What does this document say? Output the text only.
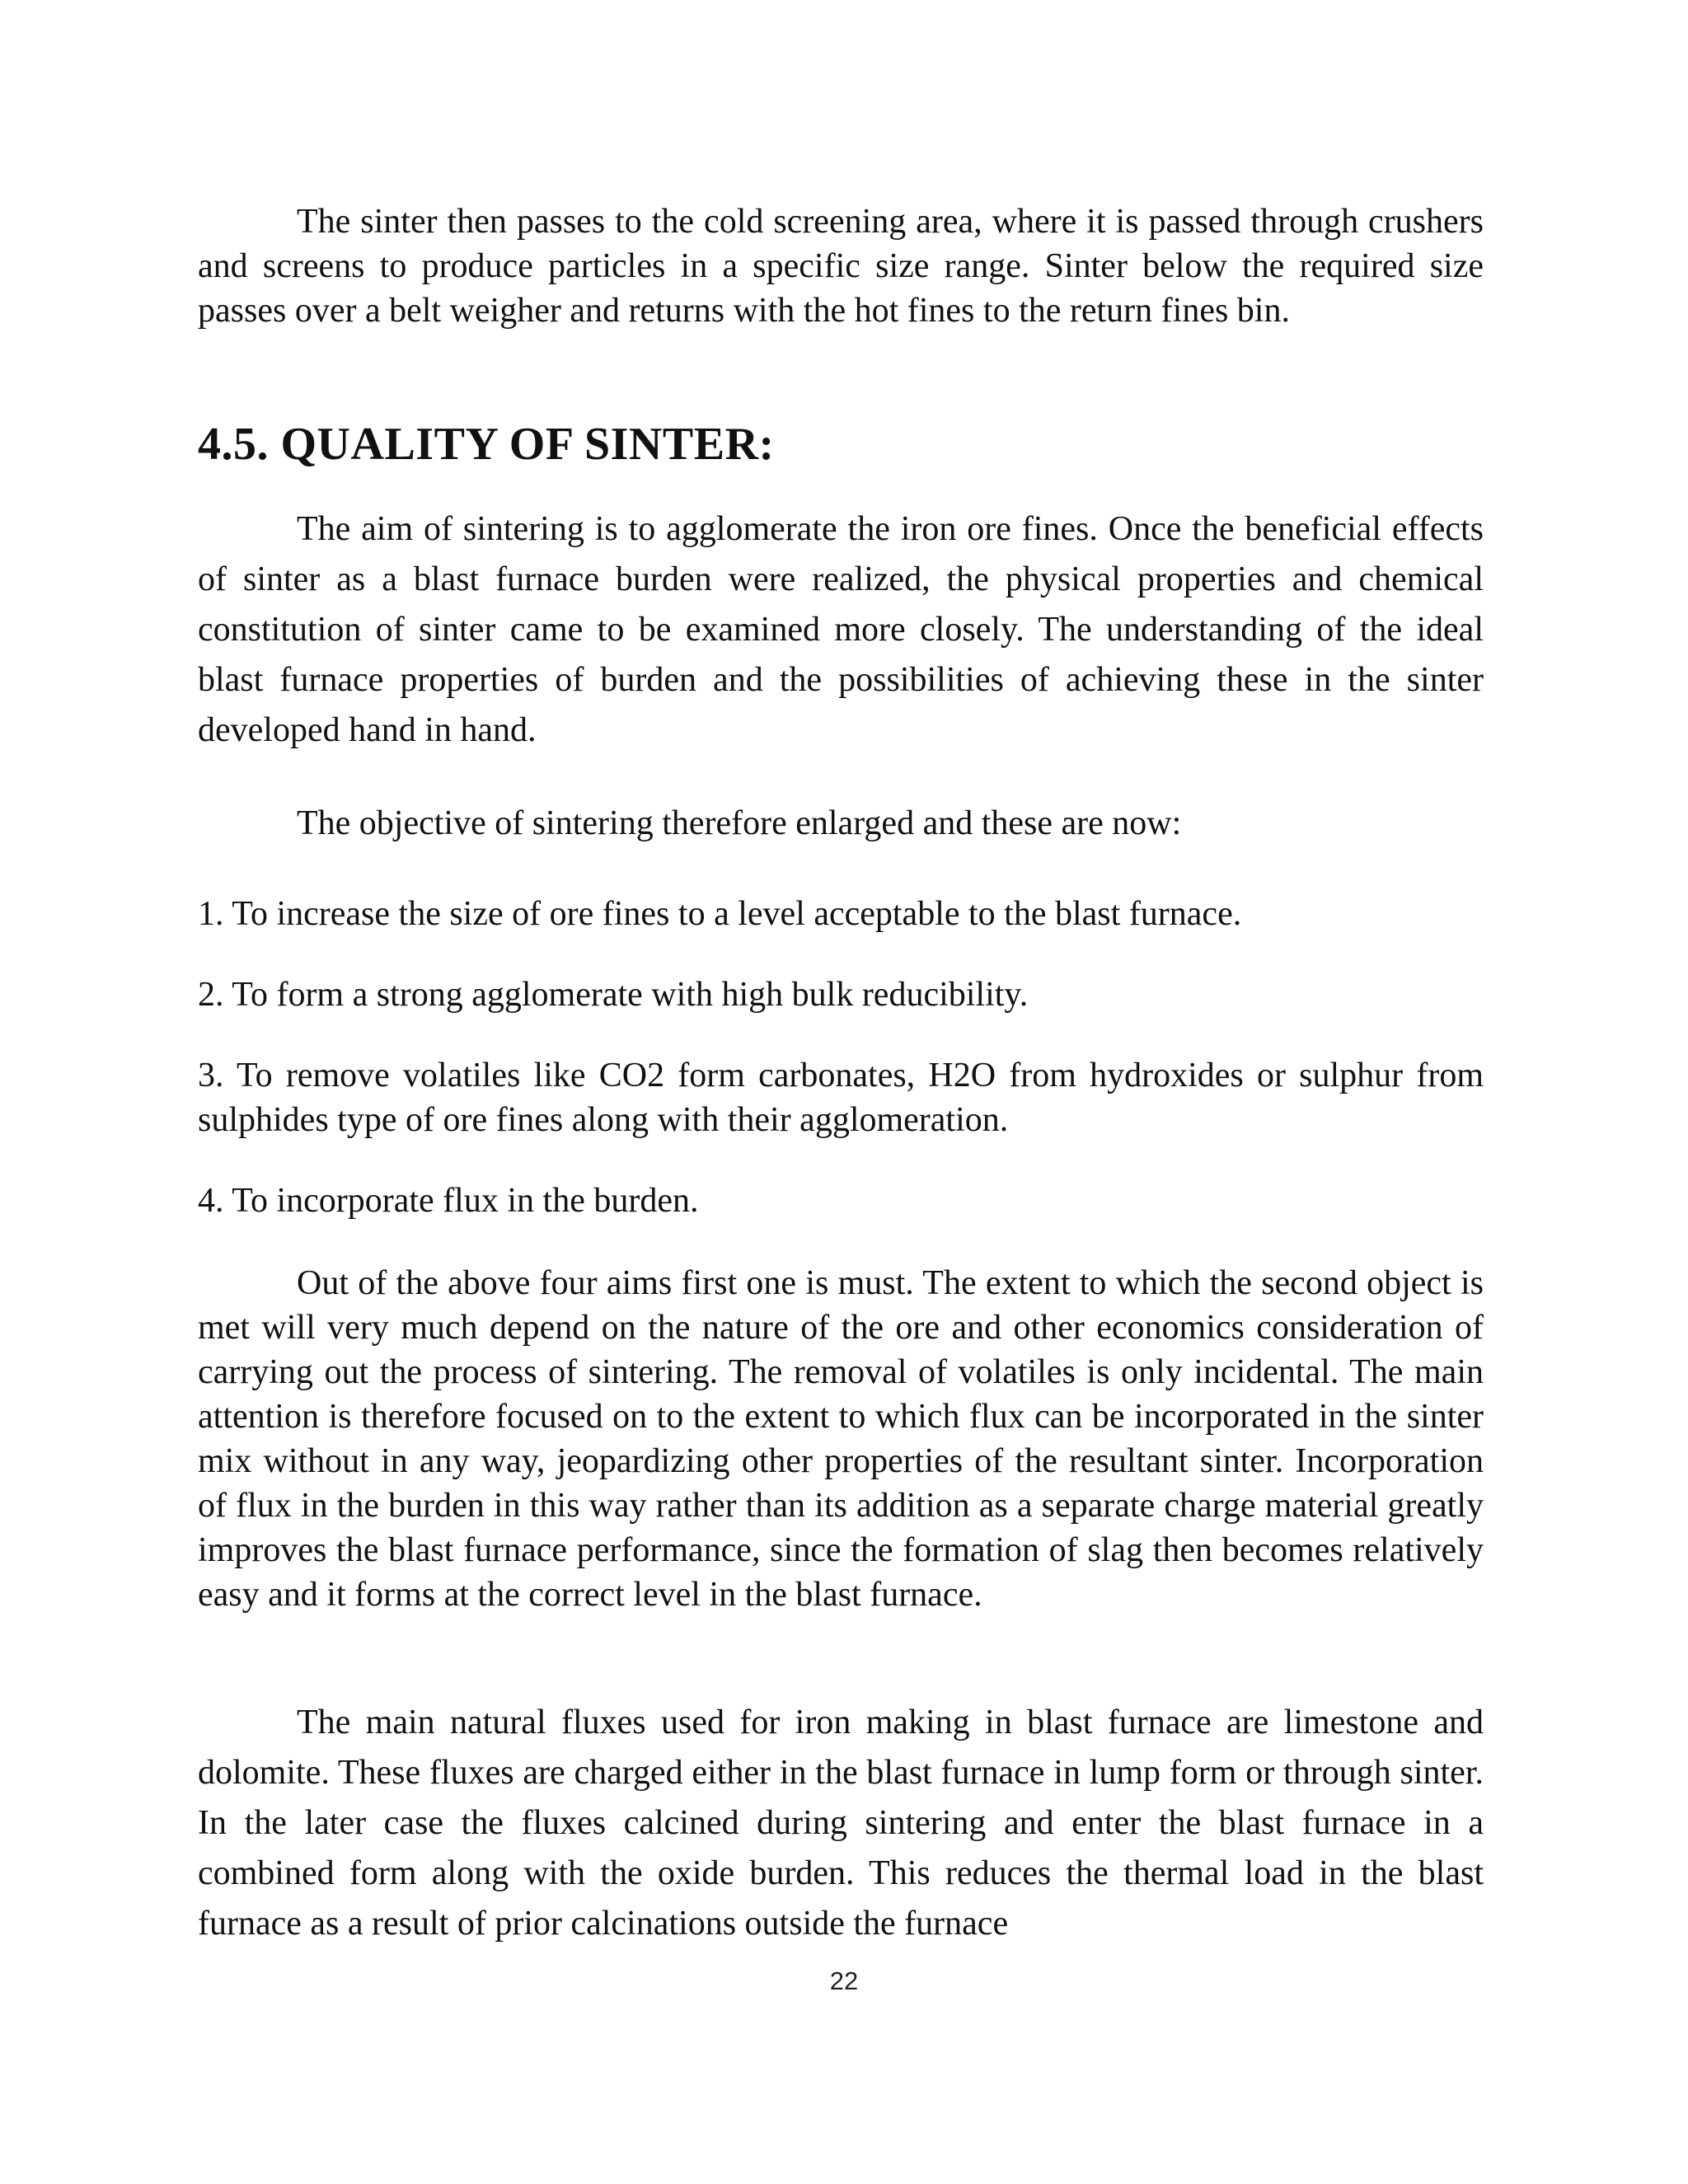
The sinter then passes to the cold screening area, where it is passed through crushers and screens to produce particles in a specific size range. Sinter below the required size passes over a belt weigher and returns with the hot fines to the return fines bin.

4.5. QUALITY OF SINTER:

The aim of sintering is to agglomerate the iron ore fines. Once the beneficial effects of sinter as a blast furnace burden were realized, the physical properties and chemical constitution of sinter came to be examined more closely. The understanding of the ideal blast furnace properties of burden and the possibilities of achieving these in the sinter developed hand in hand.

The objective of sintering therefore enlarged and these are now:

1. To increase the size of ore fines to a level acceptable to the blast furnace.

2. To form a strong agglomerate with high bulk reducibility.

3. To remove volatiles like CO2 form carbonates, H2O from hydroxides or sulphur from sulphides type of ore fines along with their agglomeration.

4. To incorporate flux in the burden.

Out of the above four aims first one is must. The extent to which the second object is met will very much depend on the nature of the ore and other economics consideration of carrying out the process of sintering. The removal of volatiles is only incidental. The main attention is therefore focused on to the extent to which flux can be incorporated in the sinter mix without in any way, jeopardizing other properties of the resultant sinter. Incorporation of flux in the burden in this way rather than its addition as a separate charge material greatly improves the blast furnace performance, since the formation of slag then becomes relatively easy and it forms at the correct level in the blast furnace.

The main natural fluxes used for iron making in blast furnace are limestone and dolomite. These fluxes are charged either in the blast furnace in lump form or through sinter. In the later case the fluxes calcined during sintering and enter the blast furnace in a combined form along with the oxide burden. This reduces the thermal load in the blast furnace as a result of prior calcinations outside the furnace

22
